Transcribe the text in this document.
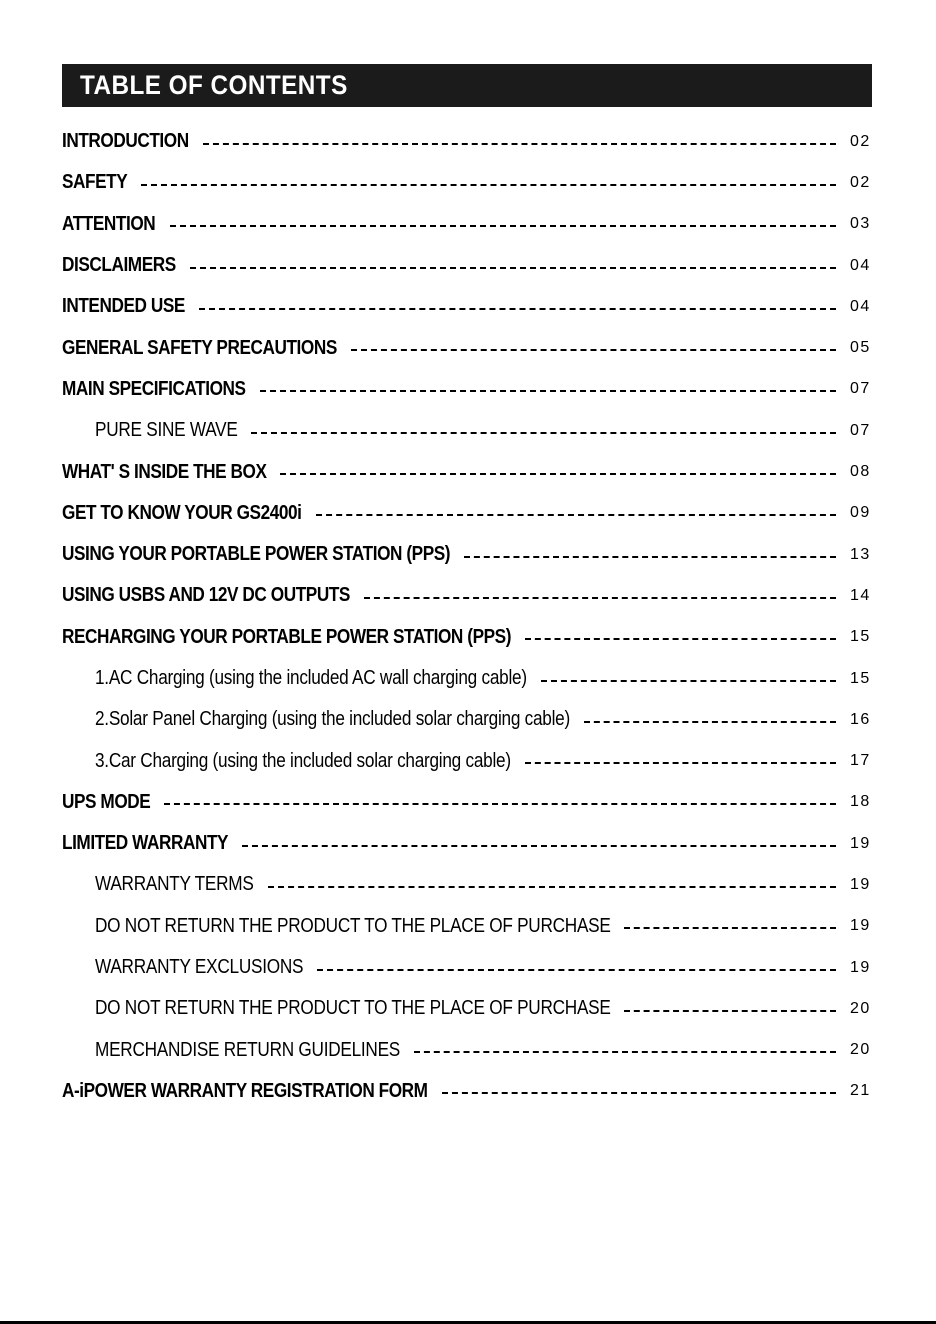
TABLE OF CONTENTS
INTRODUCTION	02
SAFETY	02
ATTENTION	03
DISCLAIMERS	04
INTENDED USE	04
GENERAL SAFETY PRECAUTIONS	05
MAIN SPECIFICATIONS	07
PURE SINE WAVE	07
WHAT' S INSIDE THE BOX	08
GET TO KNOW YOUR GS2400i	09
USING YOUR PORTABLE POWER STATION (PPS)	13
USING USBS AND 12V DC OUTPUTS	14
RECHARGING YOUR PORTABLE POWER STATION (PPS)	15
1.AC Charging (using the included AC wall charging cable)	15
2.Solar Panel Charging (using the included solar charging cable)	16
3.Car Charging (using the included solar charging cable)	17
UPS MODE	18
LIMITED WARRANTY	19
WARRANTY TERMS	19
DO NOT RETURN THE PRODUCT TO THE PLACE OF PURCHASE	19
WARRANTY EXCLUSIONS	19
DO NOT RETURN THE PRODUCT TO THE PLACE OF PURCHASE	20
MERCHANDISE RETURN GUIDELINES	20
A-iPOWER WARRANTY REGISTRATION FORM	21
